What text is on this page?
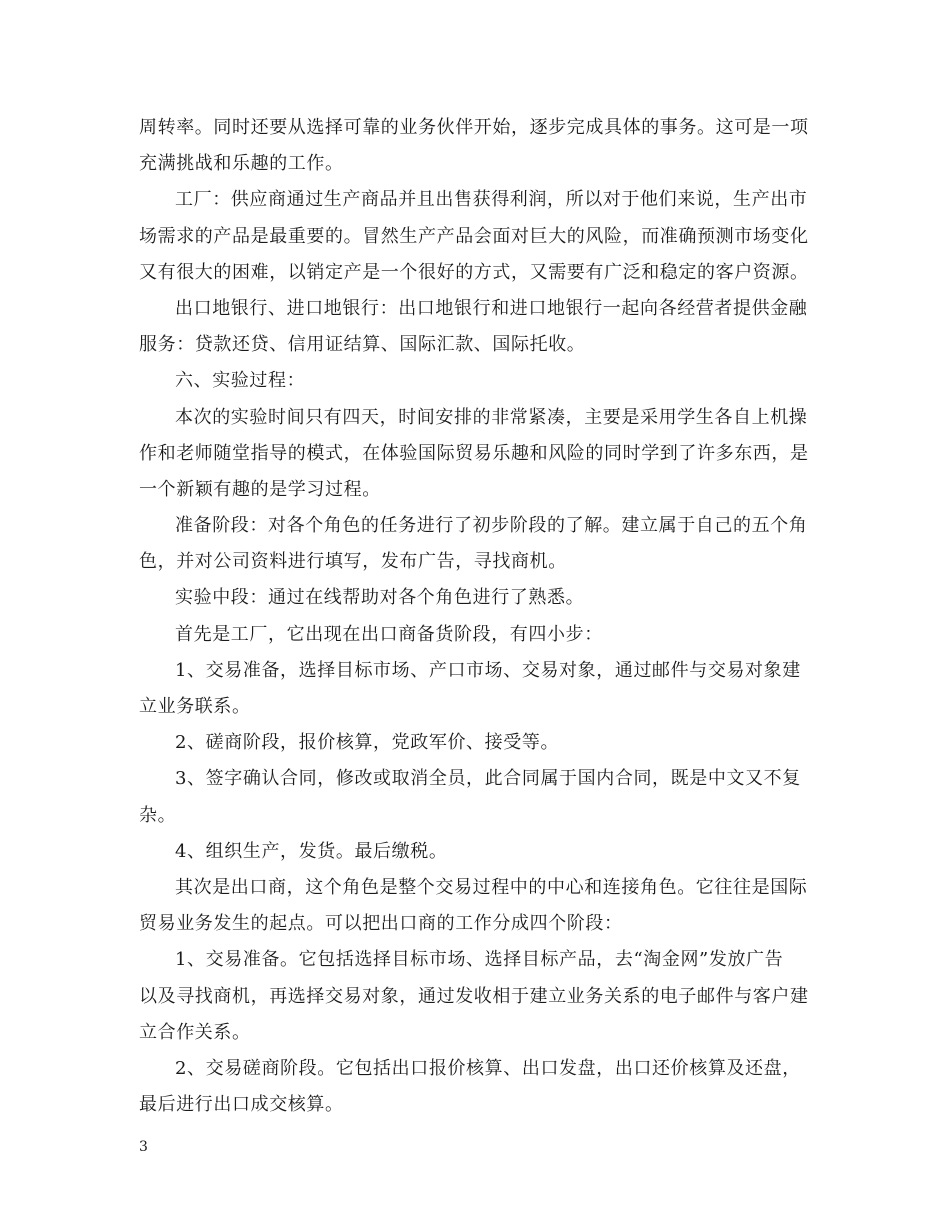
周转率。同时还要从选择可靠的业务伙伴开始，逐步完成具体的事务。这可是一项
充满挑战和乐趣的工作。
工厂：供应商通过生产商品并且出售获得利润，所以对于他们来说，生产出市
场需求的产品是最重要的。冒然生产产品会面对巨大的风险，而准确预测市场变化
又有很大的困难，以销定产是一个很好的方式，又需要有广泛和稳定的客户资源。
出口地银行、进口地银行：出口地银行和进口地银行一起向各经营者提供金融
服务：贷款还贷、信用证结算、国际汇款、国际托收。
六、实验过程：
本次的实验时间只有四天，时间安排的非常紧凑，主要是采用学生各自上机操
作和老师随堂指导的模式，在体验国际贸易乐趣和风险的同时学到了许多东西，是
一个新颖有趣的是学习过程。
准备阶段：对各个角色的任务进行了初步阶段的了解。建立属于自己的五个角
色，并对公司资料进行填写，发布广告，寻找商机。
实验中段：通过在线帮助对各个角色进行了熟悉。
首先是工厂，它出现在出口商备货阶段，有四小步：
1、交易准备，选择目标市场、产口市场、交易对象，通过邮件与交易对象建
立业务联系。
2、磋商阶段，报价核算，党政军价、接受等。
3、签字确认合同，修改或取消全员，此合同属于国内合同，既是中文又不复
杂。
4、组织生产，发货。最后缴税。
其次是出口商，这个角色是整个交易过程中的中心和连接角色。它往往是国际
贸易业务发生的起点。可以把出口商的工作分成四个阶段：
1、交易准备。它包括选择目标市场、选择目标产品，去“淘金网”发放广告
以及寻找商机，再选择交易对象，通过发收相于建立业务关系的电子邮件与客户建
立合作关系。
2、交易磋商阶段。它包括出口报价核算、出口发盘，出口还价核算及还盘，
最后进行出口成交核算。

3
